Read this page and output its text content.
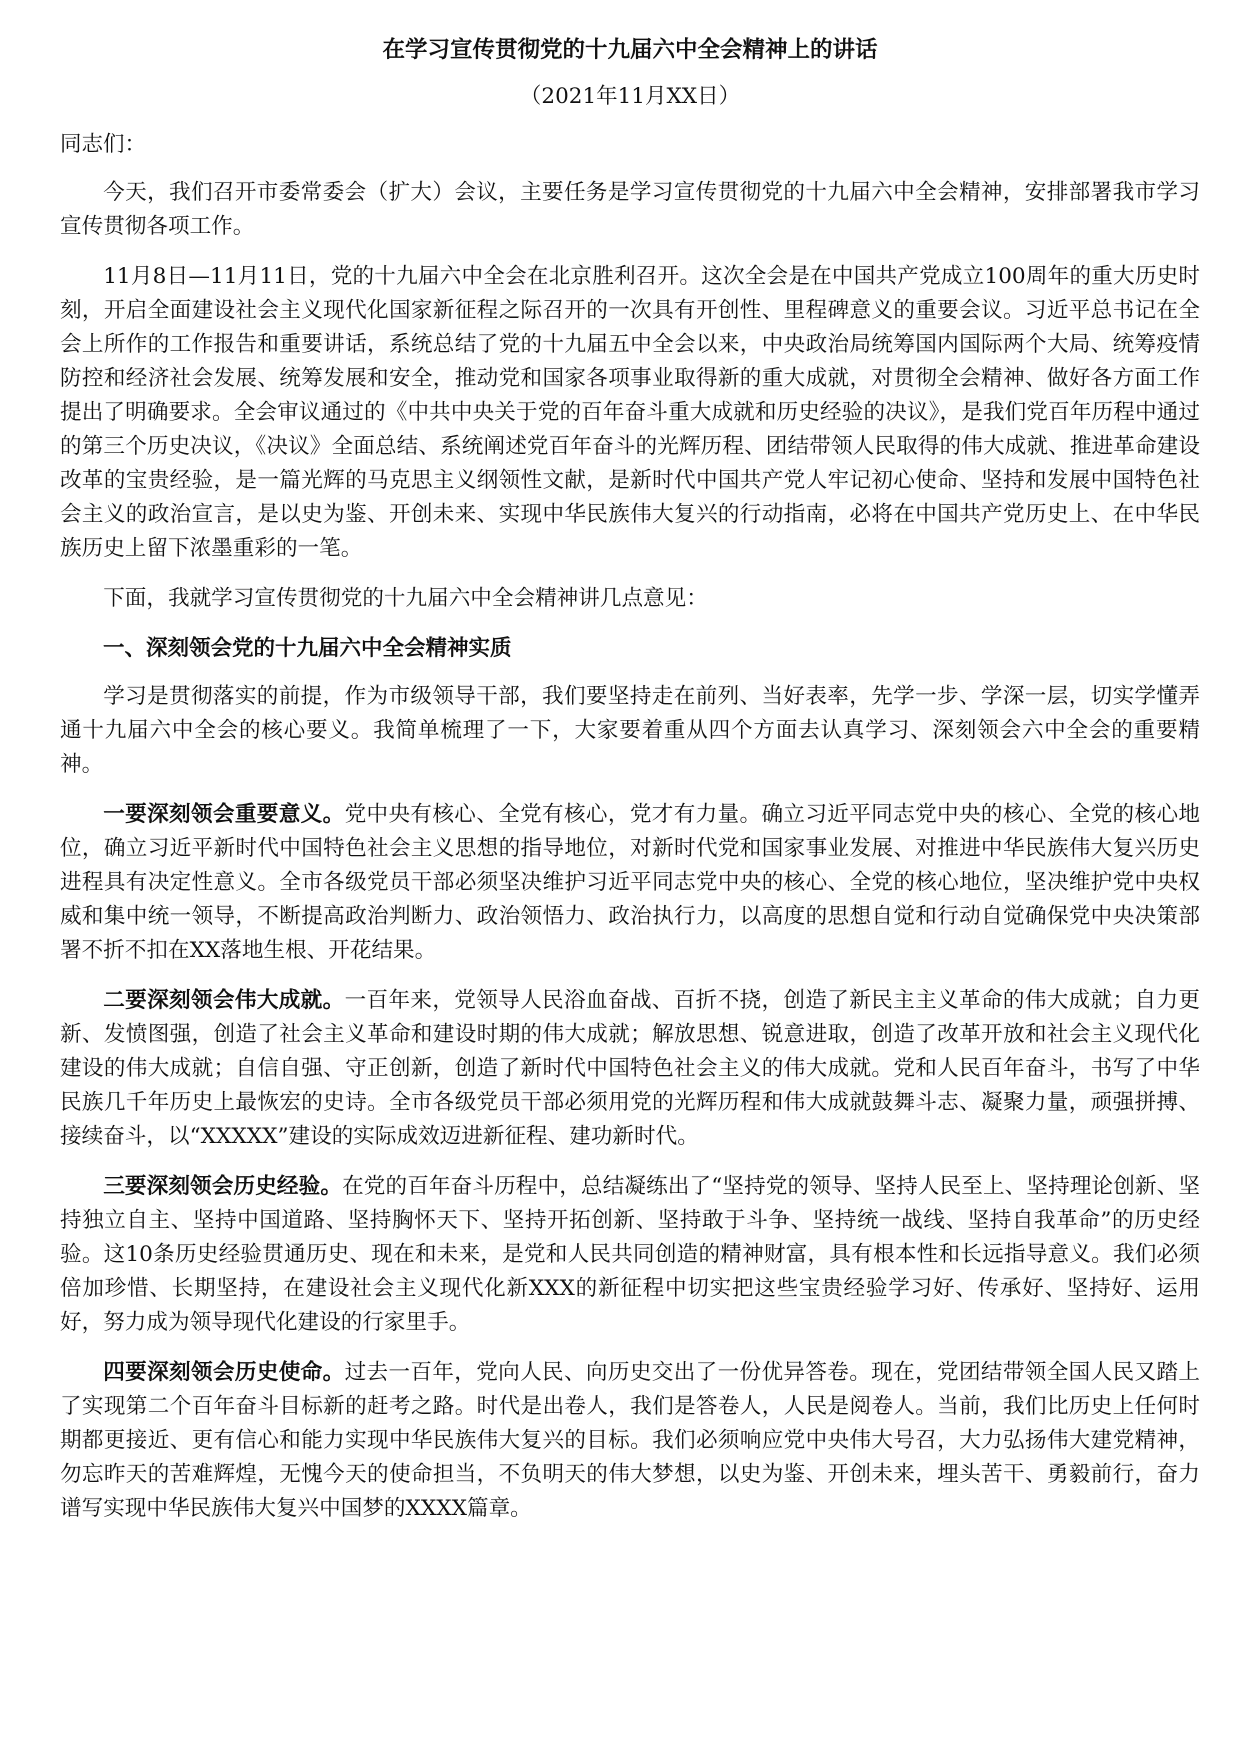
在学习宣传贯彻党的十九届六中全会精神上的讲话
（2021年11月XX日）
同志们：

今天，我们召开市委常委会（扩大）会议，主要任务是学习宣传贯彻党的十九届六中全会精神，安排部署我市学习宣传贯彻各项工作。

11月8日—11月11日，党的十九届六中全会在北京胜利召开。这次全会是在中国共产党成立100周年的重大历史时刻，开启全面建设社会主义现代化国家新征程之际召开的一次具有开创性、里程碑意义的重要会议。习近平总书记在全会上所作的工作报告和重要讲话，系统总结了党的十九届五中全会以来，中央政治局统筹国内国际两个大局、统筹疫情防控和经济社会发展、统筹发展和安全，推动党和国家各项事业取得新的重大成就，对贯彻全会精神、做好各方面工作提出了明确要求。全会审议通过的《中共中央关于党的百年奋斗重大成就和历史经验的决议》，是我们党百年历程中通过的第三个历史决议，《决议》全面总结、系统阐述党百年奋斗的光辉历程、团结带领人民取得的伟大成就、推进革命建设改革的宝贵经验，是一篇光辉的马克思主义纲领性文献，是新时代中国共产党人牢记初心使命、坚持和发展中国特色社会主义的政治宣言，是以史为鉴、开创未来、实现中华民族伟大复兴的行动指南，必将在中国共产党历史上、在中华民族历史上留下浓墨重彩的一笔。

下面，我就学习宣传贯彻党的十九届六中全会精神讲几点意见：

一、深刻领会党的十九届六中全会精神实质

学习是贯彻落实的前提，作为市级领导干部，我们要坚持走在前列、当好表率，先学一步、学深一层，切实学懂弄通十九届六中全会的核心要义。我简单梳理了一下，大家要着重从四个方面去认真学习、深刻领会六中全会的重要精神。

一要深刻领会重要意义。党中央有核心、全党有核心，党才有力量。确立习近平同志党中央的核心、全党的核心地位，确立习近平新时代中国特色社会主义思想的指导地位，对新时代党和国家事业发展、对推进中华民族伟大复兴历史进程具有决定性意义。全市各级党员干部必须坚决维护习近平同志党中央的核心、全党的核心地位，坚决维护党中央权威和集中统一领导，不断提高政治判断力、政治领悟力、政治执行力，以高度的思想自觉和行动自觉确保党中央决策部署不折不扣在XX落地生根、开花结果。

二要深刻领会伟大成就。一百年来，党领导人民浴血奋战、百折不挠，创造了新民主主义革命的伟大成就；自力更新、发愤图强，创造了社会主义革命和建设时期的伟大成就；解放思想、锐意进取，创造了改革开放和社会主义现代化建设的伟大成就；自信自强、守正创新，创造了新时代中国特色社会主义的伟大成就。党和人民百年奋斗，书写了中华民族几千年历史上最恢宏的史诗。全市各级党员干部必须用党的光辉历程和伟大成就鼓舞斗志、凝聚力量，顽强拼搏、接续奋斗，以“XXXXX”建设的实际成效迈进新征程、建功新时代。

三要深刻领会历史经验。在党的百年奋斗历程中，总结凝练出了“坚持党的领导、坚持人民至上、坚持理论创新、坚持独立自主、坚持中国道路、坚持胸怀天下、坚持开拓创新、坚持敢于斗争、坚持统一战线、坚持自我革命”的历史经验。这10条历史经验贯通历史、现在和未来，是党和人民共同创造的精神财富，具有根本性和长远指导意义。我们必须倍加珍惜、长期坚持，在建设社会主义现代化新XXX的新征程中切实把这些宝贵经验学习好、传承好、坚持好、运用好，努力成为领导现代化建设的行家里手。

四要深刻领会历史使命。过去一百年，党向人民、向历史交出了一份优异答卷。现在，党团结带领全国人民又踏上了实现第二个百年奋斗目标新的赶考之路。时代是出卷人，我们是答卷人，人民是阅卷人。当前，我们比历史上任何时期都更接近、更有信心和能力实现中华民族伟大复兴的目标。我们必须响应党中央伟大号召，大力弘扬伟大建党精神，勿忘昨天的苦难辉煌，无愧今天的使命担当，不负明天的伟大梦想，以史为鉴、开创未来，埋头苦干、勇毅前行，奋力谱写实现中华民族伟大复兴中国梦的XXXX篇章。
